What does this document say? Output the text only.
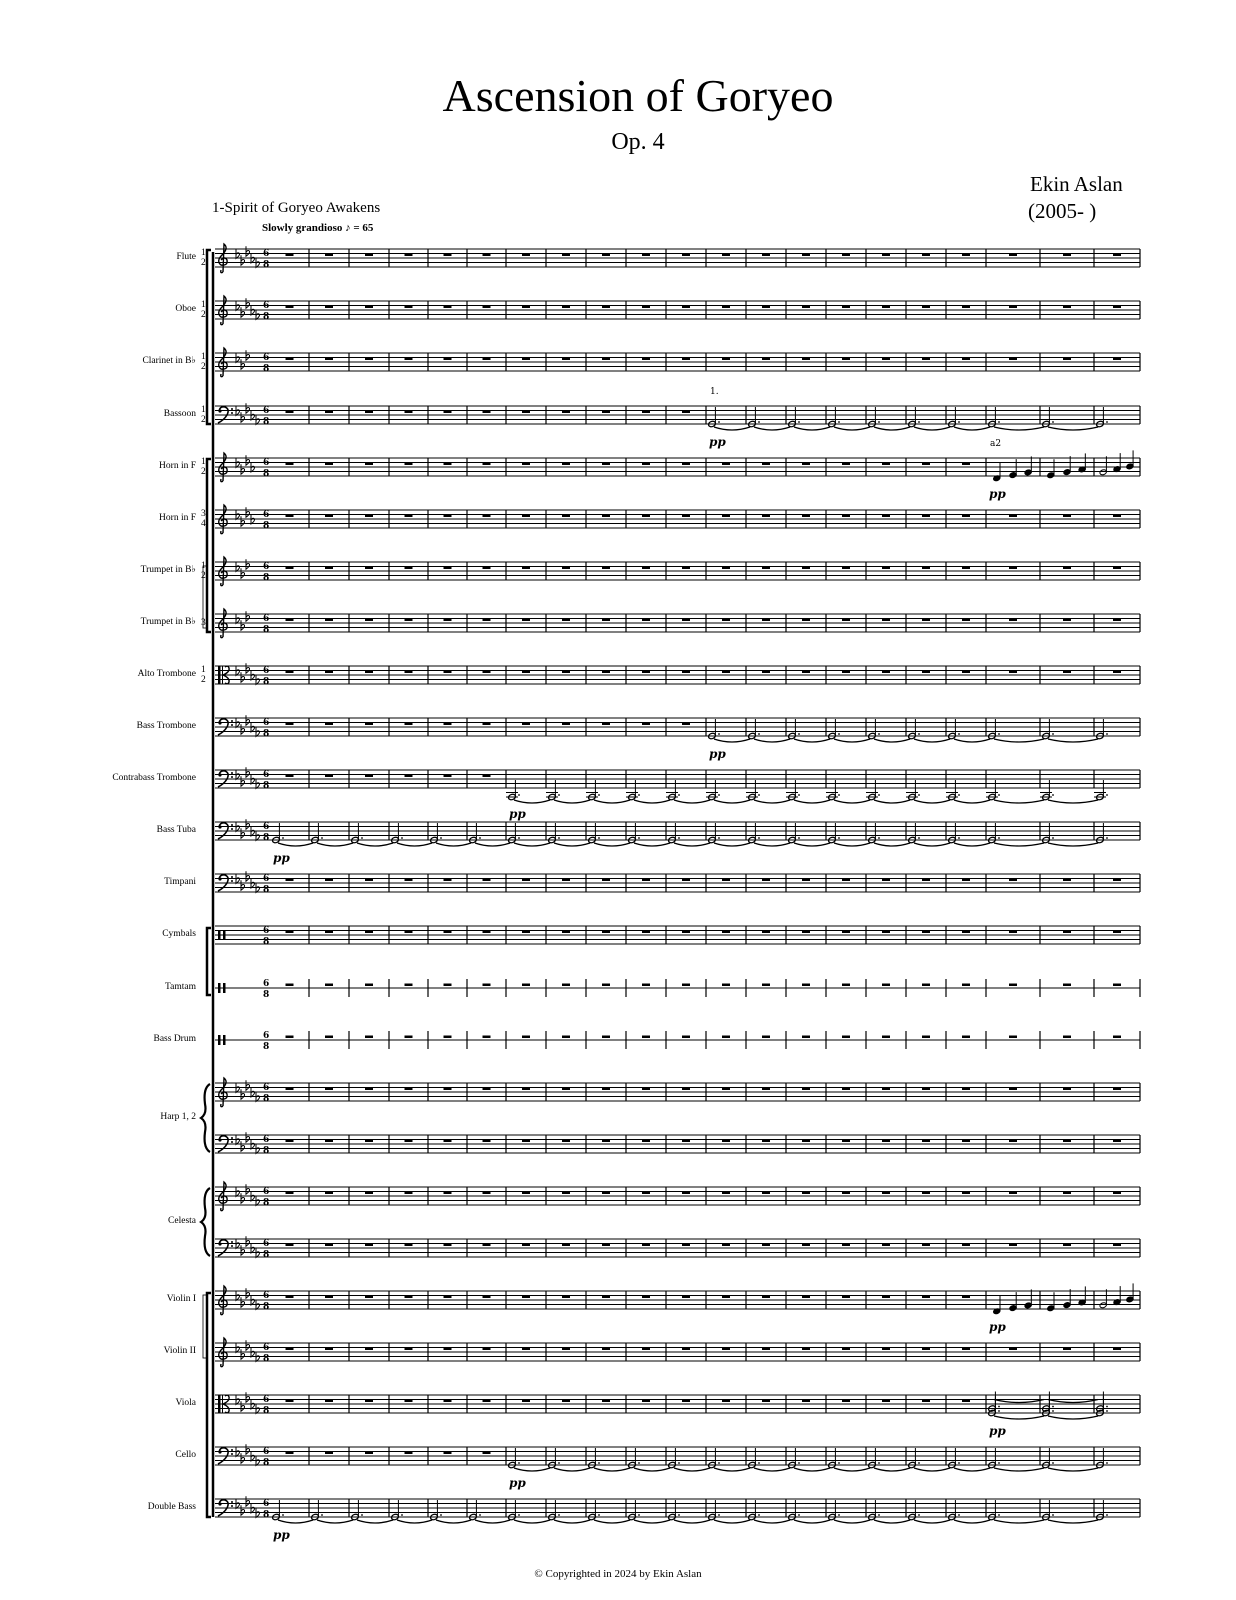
Ascension of Goryeo
Op. 4
Ekin Aslan
(2005- )
1-Spirit of Goryeo Awakens
Slowly grandioso ♪ = 65
6
8
6
8
6
8
6
8
pp
1.
6
8
pp
a2
6
8
6
8
6
8
6
8
6
8
pp
6
8
pp
6
8
pp
6
8
6
8
6
8
6
8
6
8
6
8
6
8
6
8
6
8
pp
6
8
6
8
pp
6
8
pp
6
8
pp
Flute 1
2
Oboe 1
2
Clarinet in B♭ 1
2
Bassoon 1
2
Horn in F 1
2
Horn in F 3
4
Trumpet in B♭ 1
2
Trumpet in B♭ 3
Alto Trombone 1
2
Bass Trombone
Contrabass Trombone
Bass Tuba
Timpani
Cymbals
Tamtam
Bass Drum
Harp 1, 2
Celesta
Violin I
Violin II
Viola
Cello
Double Bass
© Copyrighted in 2024 by Ekin Aslan
